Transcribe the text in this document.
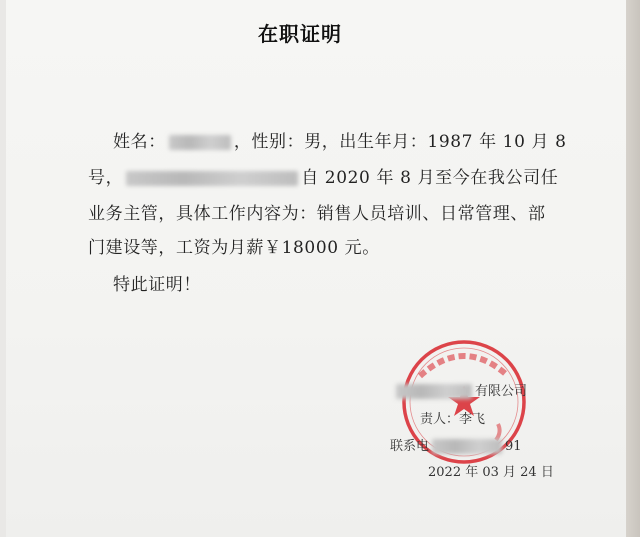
在职证明
姓名：	，性别：男，出生年月：1987 年 10 月 8
号，	自 2020 年 8 月至今在我公司任
业务主管，具体工作内容为：销售人员培训、日常管理、部
门建设等，工资为月薪￥18000 元。
特此证明！
有限公司
责人：李飞
联系电	91
2022 年 03 月 24 日
